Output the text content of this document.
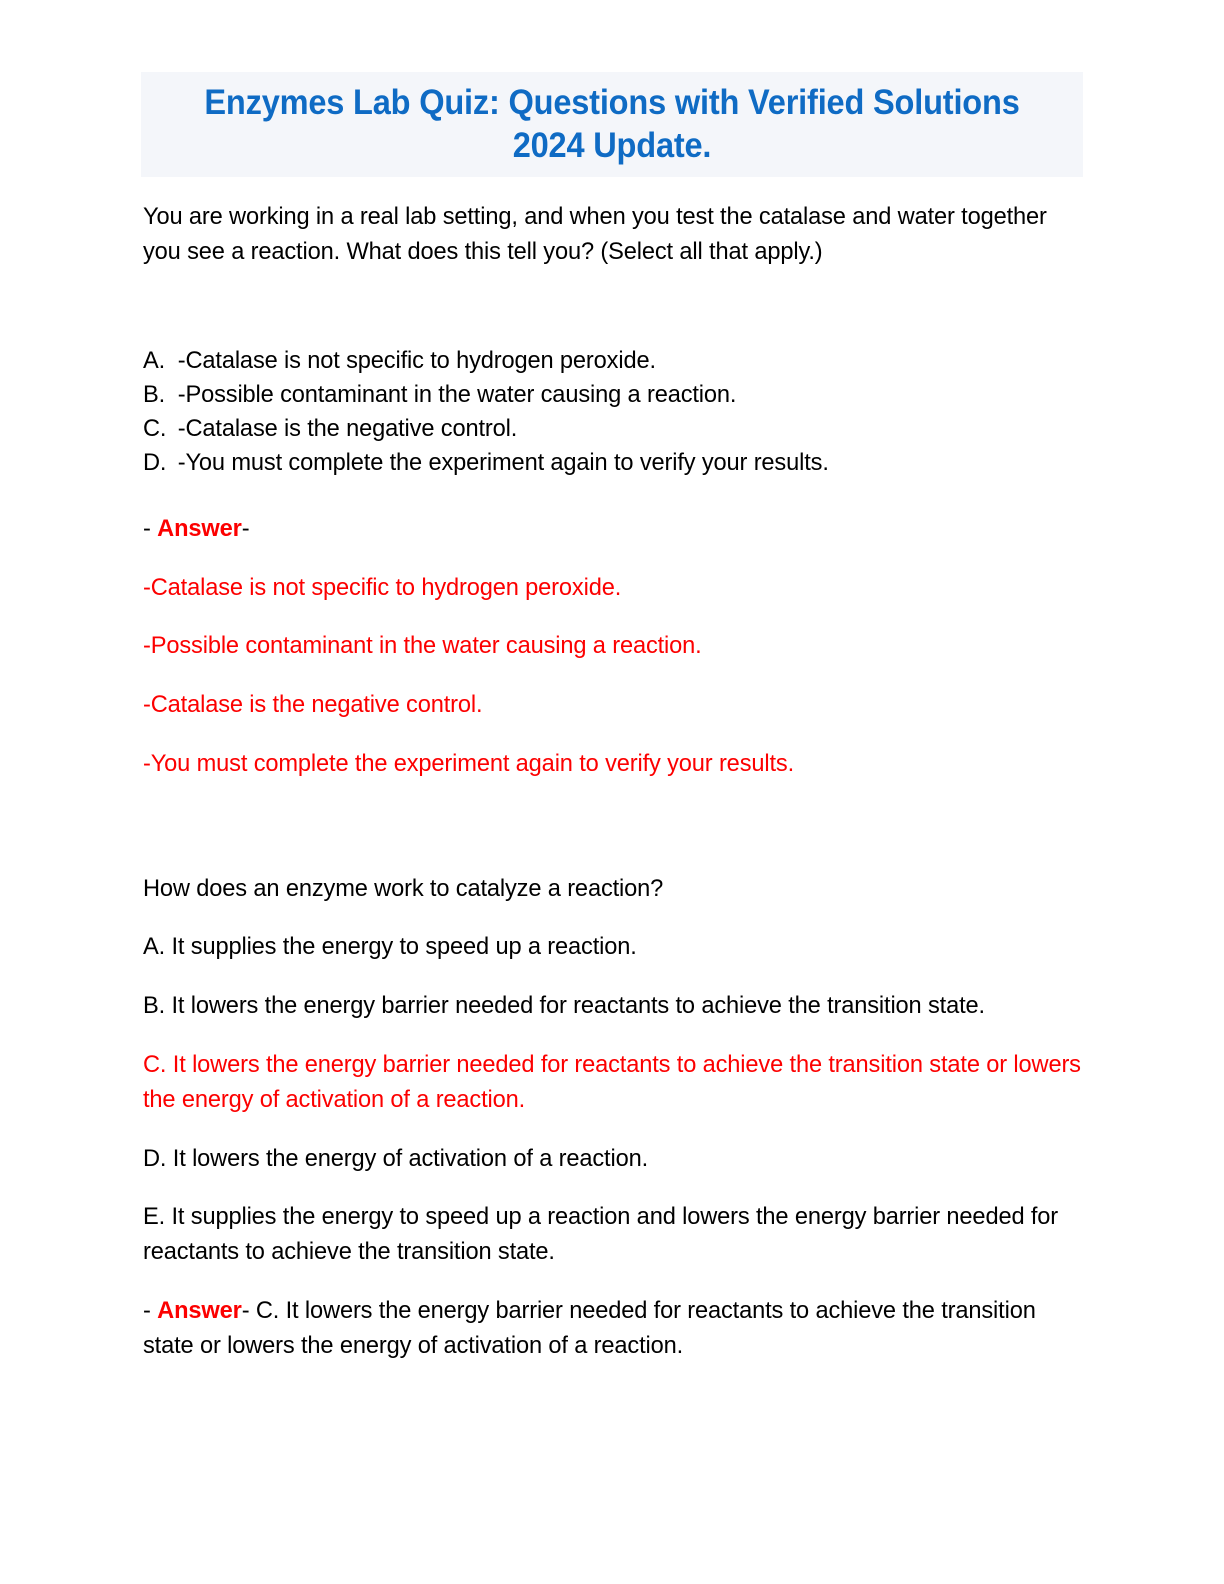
Enzymes Lab Quiz: Questions with Verified Solutions 2024 Update.

You are working in a real lab setting, and when you test the catalase and water together you see a reaction. What does this tell you? (Select all that apply.)

A. -Catalase is not specific to hydrogen peroxide.
B. -Possible contaminant in the water causing a reaction.
C. -Catalase is the negative control.
D. -You must complete the experiment again to verify your results.
- Answer-
-Catalase is not specific to hydrogen peroxide.
-Possible contaminant in the water causing a reaction.
-Catalase is the negative control.
-You must complete the experiment again to verify your results.

How does an enzyme work to catalyze a reaction?

A. It supplies the energy to speed up a reaction.

B. It lowers the energy barrier needed for reactants to achieve the transition state.

C. It lowers the energy barrier needed for reactants to achieve the transition state or lowers the energy of activation of a reaction.

D. It lowers the energy of activation of a reaction.

E. It supplies the energy to speed up a reaction and lowers the energy barrier needed for reactants to achieve the transition state.

- Answer- C. It lowers the energy barrier needed for reactants to achieve the transition state or lowers the energy of activation of a reaction.
